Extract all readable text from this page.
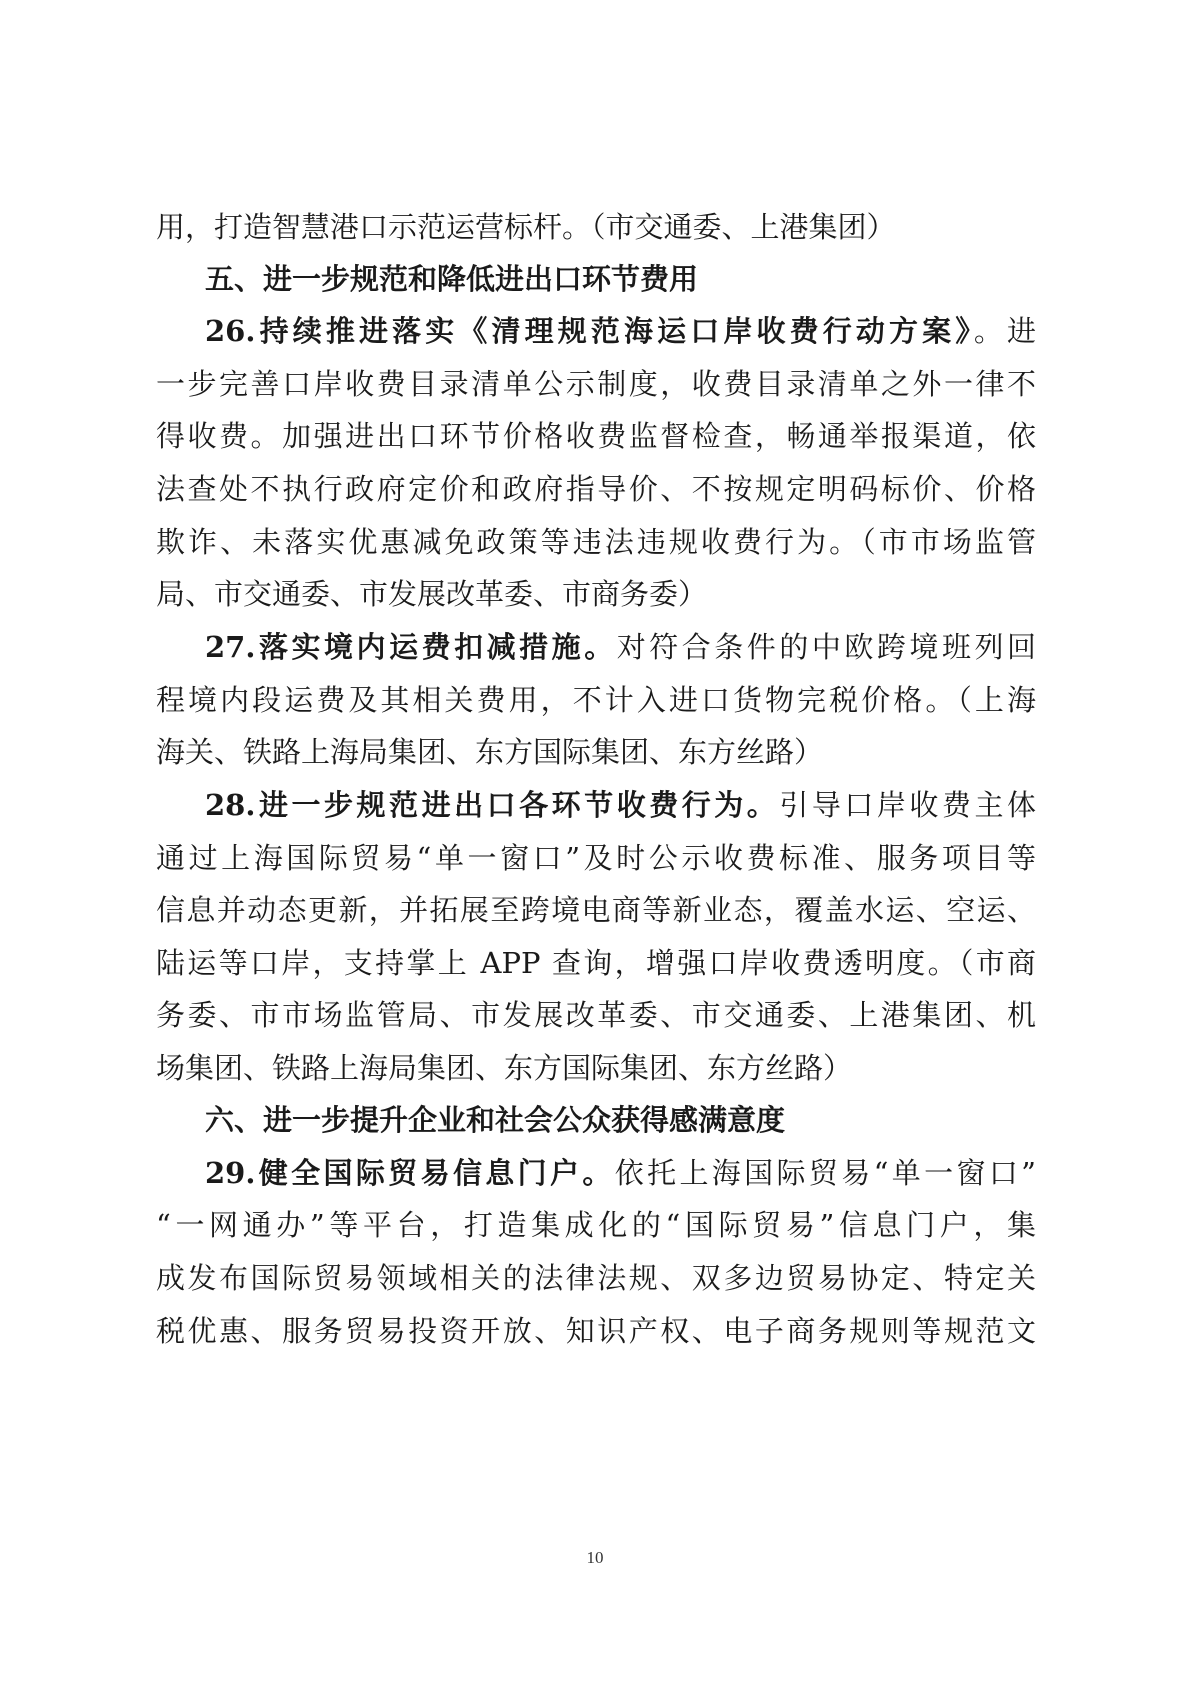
用，打造智慧港口示范运营标杆。（市交通委、上港集团）
五、进一步规范和降低进出口环节费用
26.持续推进落实《清理规范海运口岸收费行动方案》。进
一步完善口岸收费目录清单公示制度，收费目录清单之外一律不
得收费。加强进出口环节价格收费监督检查，畅通举报渠道，依
法查处不执行政府定价和政府指导价、不按规定明码标价、价格
欺诈、未落实优惠减免政策等违法违规收费行为。（市市场监管
局、市交通委、市发展改革委、市商务委）
27.落实境内运费扣减措施。对符合条件的中欧跨境班列回
程境内段运费及其相关费用，不计入进口货物完税价格。（上海
海关、铁路上海局集团、东方国际集团、东方丝路）
28.进一步规范进出口各环节收费行为。引导口岸收费主体
通过上海国际贸易“单一窗口”及时公示收费标准、服务项目等
信息并动态更新，并拓展至跨境电商等新业态，覆盖水运、空运、
陆运等口岸，支持掌上 APP 查询，增强口岸收费透明度。（市商
务委、市市场监管局、市发展改革委、市交通委、上港集团、机
场集团、铁路上海局集团、东方国际集团、东方丝路）
六、进一步提升企业和社会公众获得感满意度
29.健全国际贸易信息门户。依托上海国际贸易“单一窗口”
“一网通办”等平台，打造集成化的“国际贸易”信息门户，集
成发布国际贸易领域相关的法律法规、双多边贸易协定、特定关
税优惠、服务贸易投资开放、知识产权、电子商务规则等规范文
10
